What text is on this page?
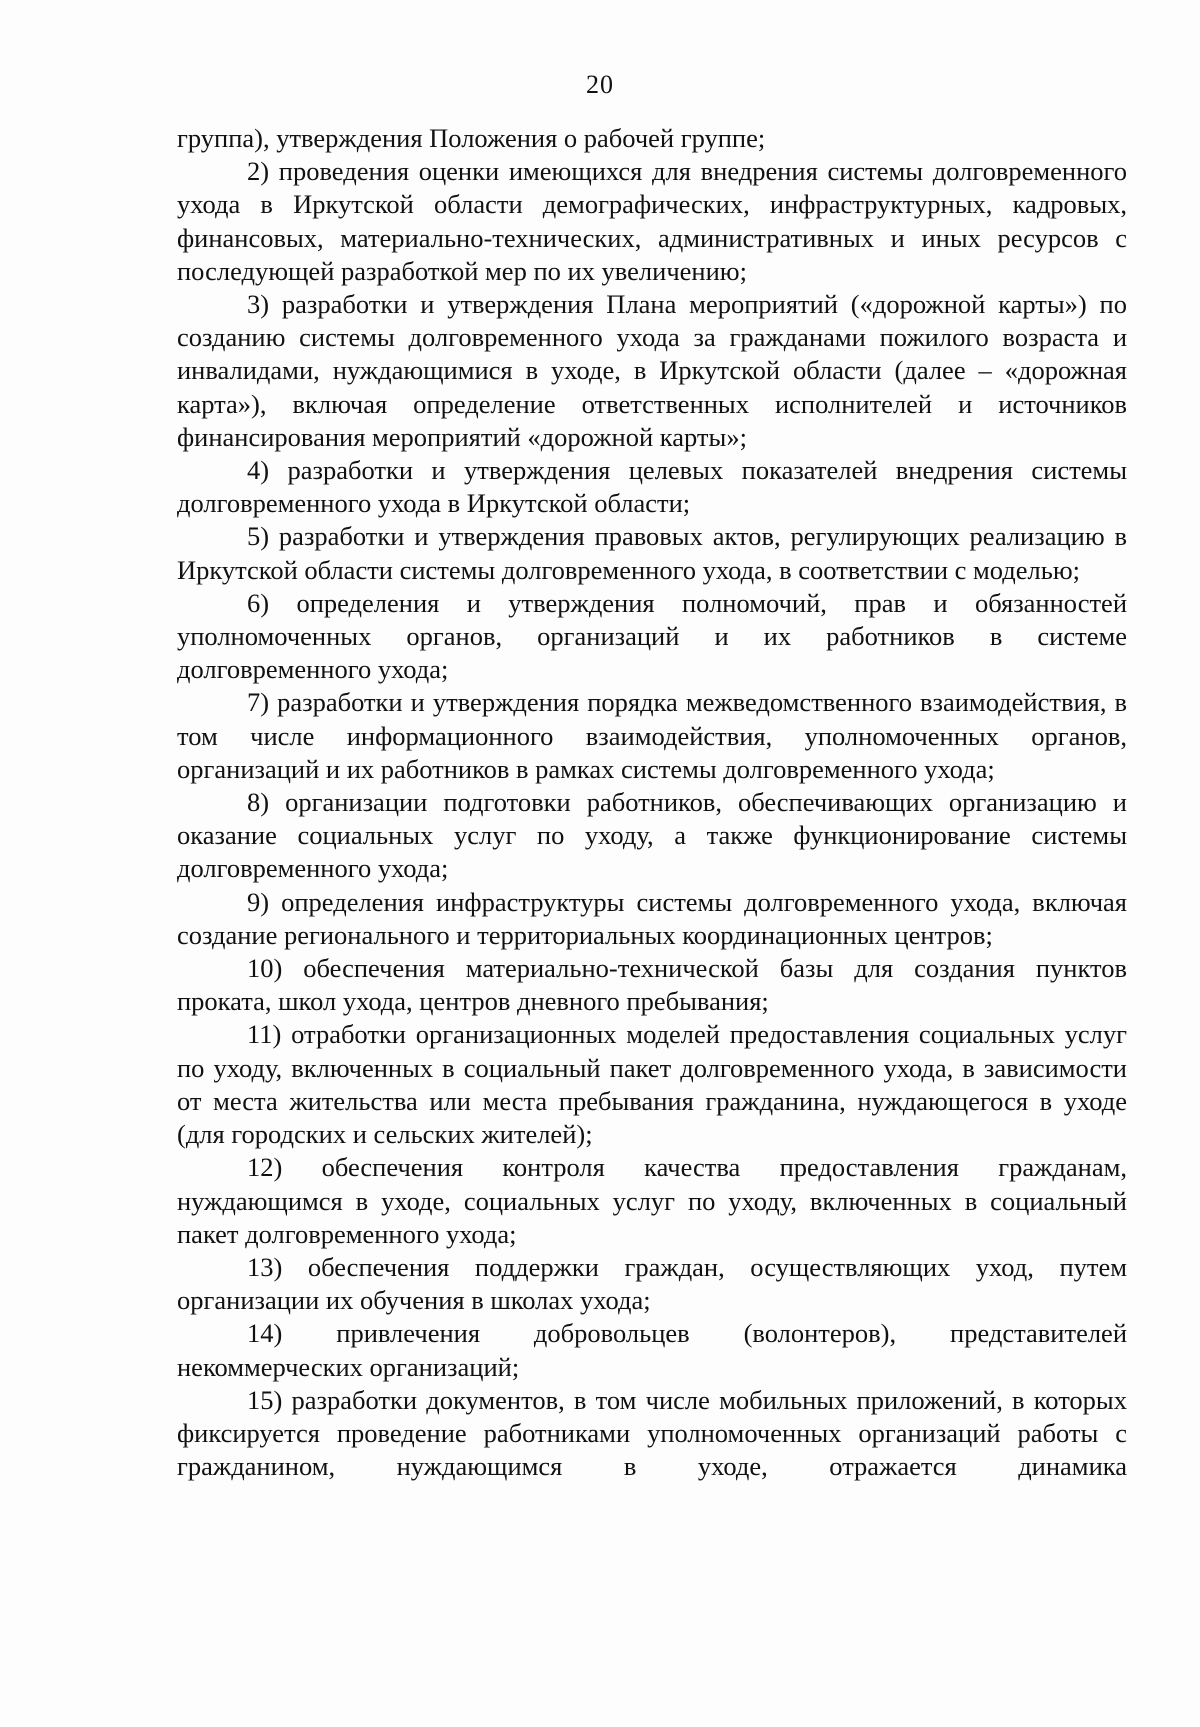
20

группа), утверждения Положения о рабочей группе;

2) проведения оценки имеющихся для внедрения системы долговременного ухода в Иркутской области демографических, инфраструктурных, кадровых, финансовых, материально-технических, административных и иных ресурсов с последующей разработкой мер по их увеличению;

3) разработки и утверждения Плана мероприятий («дорожной карты») по созданию системы долговременного ухода за гражданами пожилого возраста и инвалидами, нуждающимися в уходе, в Иркутской области (далее – «дорожная карта»), включая определение ответственных исполнителей и источников финансирования мероприятий «дорожной карты»;

4) разработки и утверждения целевых показателей внедрения системы долговременного ухода в Иркутской области;

5) разработки и утверждения правовых актов, регулирующих реализацию в Иркутской области системы долговременного ухода, в соответствии с моделью;

6) определения и утверждения полномочий, прав и обязанностей уполномоченных органов, организаций и их работников в системе долговременного ухода;

7) разработки и утверждения порядка межведомственного взаимодействия, в том числе информационного взаимодействия, уполномоченных органов, организаций и их работников в рамках системы долговременного ухода;

8) организации подготовки работников, обеспечивающих организацию и оказание социальных услуг по уходу, а также функционирование системы долговременного ухода;

9) определения инфраструктуры системы долговременного ухода, включая создание регионального и территориальных координационных центров;

10) обеспечения материально-технической базы для создания пунктов проката, школ ухода, центров дневного пребывания;

11) отработки организационных моделей предоставления социальных услуг по уходу, включенных в социальный пакет долговременного ухода, в зависимости от места жительства или места пребывания гражданина, нуждающегося в уходе (для городских и сельских жителей);

12) обеспечения контроля качества предоставления гражданам, нуждающимся в уходе, социальных услуг по уходу, включенных в социальный пакет долговременного ухода;

13) обеспечения поддержки граждан, осуществляющих уход, путем организации их обучения в школах ухода;

14) привлечения добровольцев (волонтеров), представителей некоммерческих организаций;

15) разработки документов, в том числе мобильных приложений, в которых фиксируется проведение работниками уполномоченных организаций работы с гражданином, нуждающимся в уходе, отражается динамика
